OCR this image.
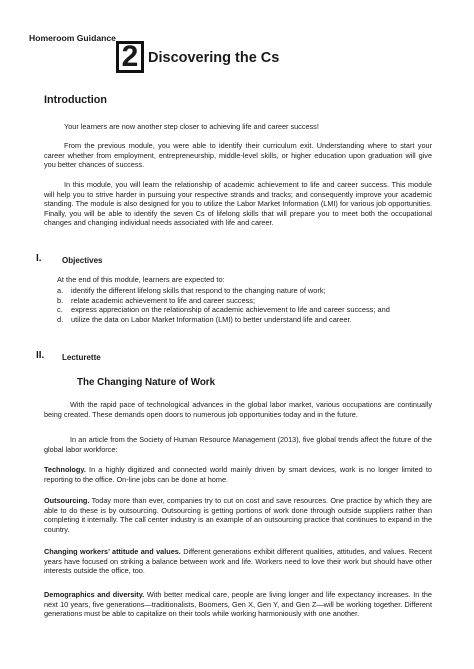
Homeroom Guidance
2 Discovering the Cs
Introduction

Your learners are now another step closer to achieving life and career success!

From the previous module, you were able to identify their curriculum exit. Understanding where to start your career whether from employment, entrepreneurship, middle-level skills, or higher education upon graduation will give you better chances of success.

In this module, you will learn the relationship of academic achievement to life and career success. This module will help you to strive harder in pursuing your respective strands and tracks; and consequently improve your academic standing. The module is also designed for you to utilize the Labor Market Information (LMI) for various job opportunities. Finally, you will be able to identify the seven Cs of lifelong skills that will prepare you to meet both the occupational changes and changing individual needs associated with life and career.

I.	Objectives
At the end of this module, learners are expected to:
a.	identify the different lifelong skills that respond to the changing nature of work;
b.	relate academic achievement to life and career success;
c.	express appreciation on the relationship of academic achievement to life and career success; and
d.	utilize the data on Labor Market Information (LMI) to better understand life and career.
II. Lecturette
The Changing Nature of Work

With the rapid pace of technological advances in the global labor market, various occupations are continually being created. These demands open doors to numerous job opportunities today and in the future.

In an article from the Society of Human Resource Management (2013), five global trends affect the future of the global labor workforce:

Technology. In a highly digitized and connected world mainly driven by smart devices, work is no longer limited to reporting to the office. On-line jobs can be done at home.

Outsourcing. Today more than ever, companies try to cut on cost and save resources. One practice by which they are able to do these is by outsourcing. Outsourcing is getting portions of work done through outside suppliers rather than completing it internally. The call center industry is an example of an outsourcing practice that continues to expand in the country.

Changing workers’ attitude and values. Different generations exhibit different qualities, attitudes, and values. Recent years have focused on striking a balance between work and life. Workers need to love their work but should have other interests outside the office, too.

Demographics and diversity. With better medical care, people are living longer and life expectancy increases. In the next 10 years, five generations—traditionalists, Boomers, Gen X, Gen Y, and Gen Z—will be working together. Different generations must be able to capitalize on their tools while working harmoniously with one another.
